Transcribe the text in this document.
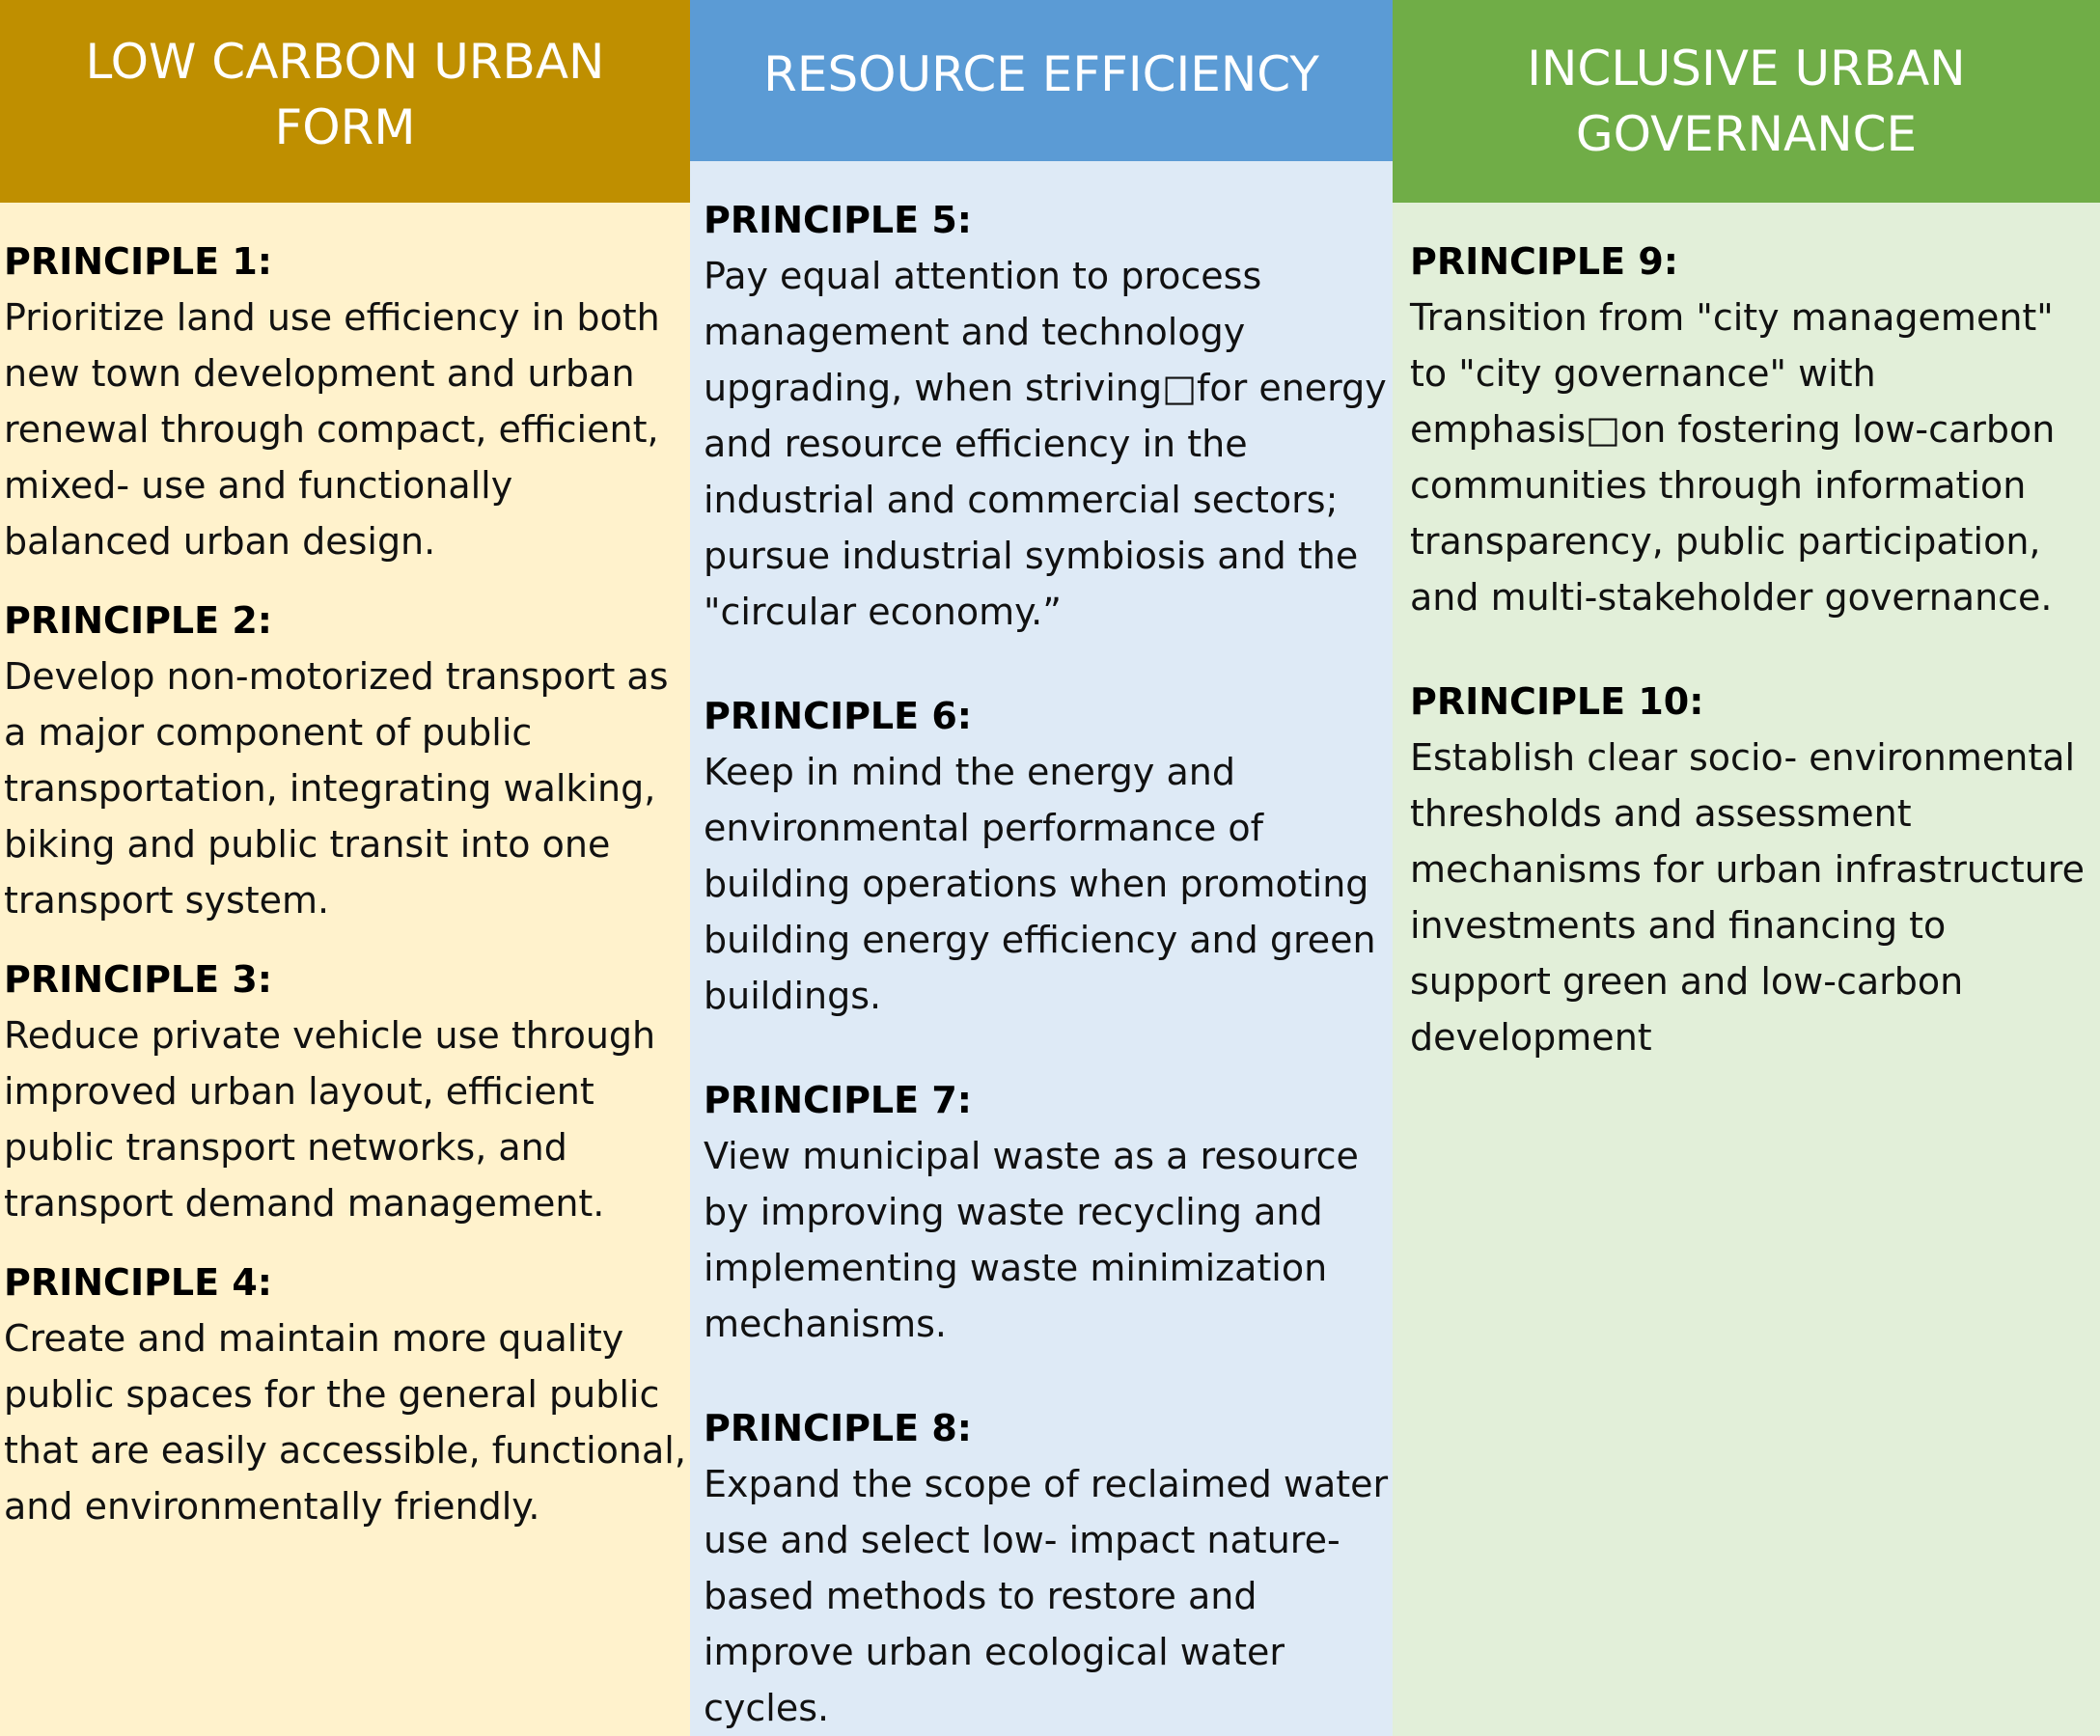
LOW CARBON URBAN FORM
PRINCIPLE 1:
Prioritize land use efficiency in both new town development and urban renewal through compact, efficient, mixed- use and functionally balanced urban design.
PRINCIPLE 2:
Develop non-motorized transport as a major component of public transportation, integrating walking, biking and public transit into one transport system.
PRINCIPLE 3:
Reduce private vehicle use through improved urban layout, efficient public transport networks, and transport demand management.
PRINCIPLE 4:
Create and maintain more quality public spaces for the general public that are easily accessible, functional, and environmentally friendly.
RESOURCE EFFICIENCY
PRINCIPLE 5:
Pay equal attention to process management and technology upgrading, when striving□for energy and resource efficiency in the industrial and commercial sectors; pursue industrial symbiosis and the "circular economy.”
PRINCIPLE 6:
Keep in mind the energy and environmental performance of building operations when promoting building energy efficiency and green buildings.
PRINCIPLE 7:
View municipal waste as a resource by improving waste recycling and implementing waste minimization mechanisms.
PRINCIPLE 8:
Expand the scope of reclaimed water use and select low- impact nature-based methods to restore and improve urban ecological water cycles.
INCLUSIVE URBAN GOVERNANCE
PRINCIPLE 9:
Transition from "city management" to "city governance" with emphasis□on fostering low-carbon communities through information transparency, public participation, and multi-stakeholder governance.
PRINCIPLE 10:
Establish clear socio- environmental thresholds and assessment mechanisms for urban infrastructure investments and financing to support green and low-carbon development
